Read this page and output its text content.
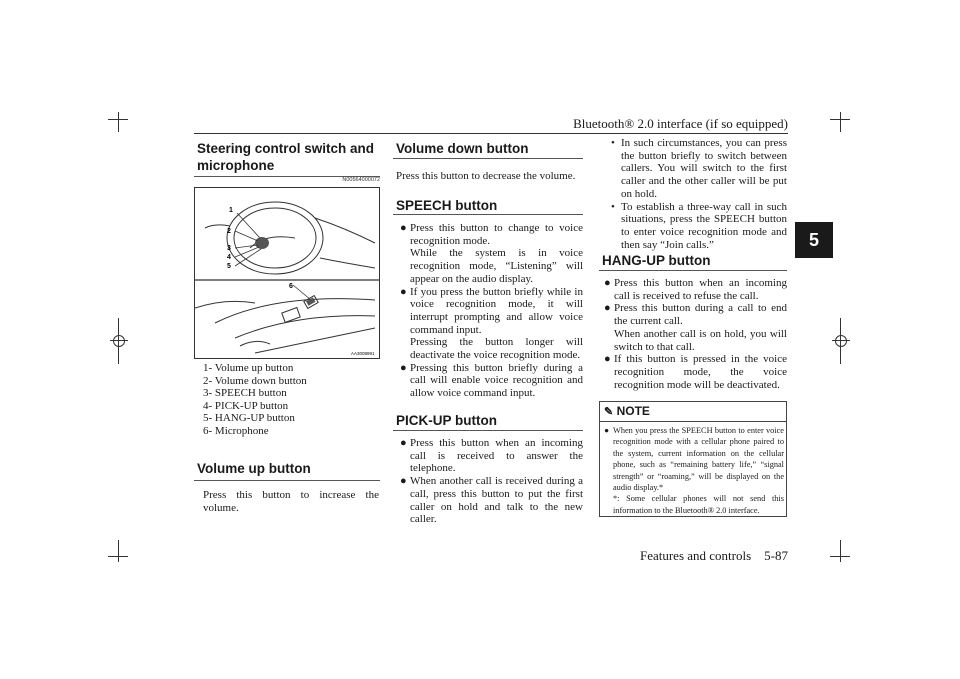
Bluetooth® 2.0 interface (if so equipped)
5
Steering control switch and microphone
N00564000072
1
2
3
4
5
6
AA3008991
1- Volume up button
2- Volume down button
3- SPEECH button
4- PICK-UP button
5- HANG-UP button
6- Microphone
Volume up button
Press this button to increase the volume.
Volume down button
Press this button to decrease the volume.
SPEECH button
● Press this button to change to voice recognition mode.
While the system is in voice recognition mode, “Listening” will appear on the audio display.
● If you press the button briefly while in voice recognition mode, it will interrupt prompting and allow voice command input.
Pressing the button longer will deactivate the voice recognition mode.
● Pressing this button briefly during a call will enable voice recognition and allow voice command input.
PICK-UP button
● Press this button when an incoming call is received to answer the telephone.
● When another call is received during a call, press this button to put the first caller on hold and talk to the new caller.
• In such circumstances, you can press the button briefly to switch between callers. You will switch to the first caller and the other caller will be put on hold.
• To establish a three-way call in such situations, press the SPEECH button to enter voice recognition mode and then say “Join calls.”
HANG-UP button
● Press this button when an incoming call is received to refuse the call.
● Press this button during a call to end the current call.
When another call is on hold, you will switch to that call.
● If this button is pressed in the voice recognition mode, the voice recognition mode will be deactivated.
✎ NOTE
● When you press the SPEECH button to enter voice recognition mode with a cellular phone paired to the system, current information on the cellular phone, such as “remaining battery life,” “signal strength” or “roaming,” will be displayed on the audio display.*
*: Some cellular phones will not send this information to the Bluetooth® 2.0 interface.
Features and controls    5-87
